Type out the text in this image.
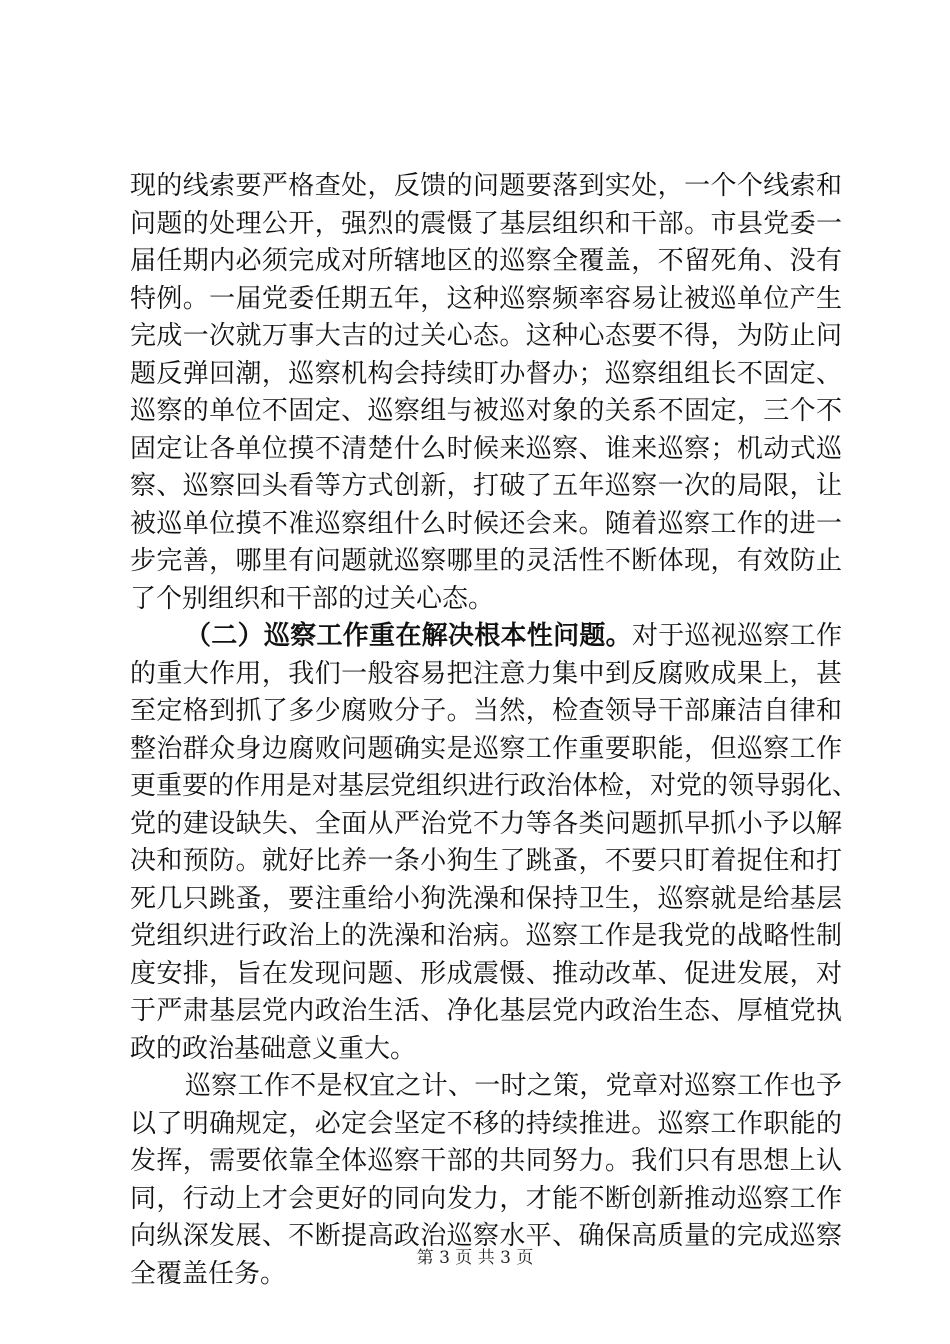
现的线索要严格查处，反馈的问题要落到实处，一个个线索和
问题的处理公开，强烈的震慑了基层组织和干部。市县党委一
届任期内必须完成对所辖地区的巡察全覆盖，不留死角、没有
特例。一届党委任期五年，这种巡察频率容易让被巡单位产生
完成一次就万事大吉的过关心态。这种心态要不得，为防止问
题反弹回潮，巡察机构会持续盯办督办；巡察组组长不固定、
巡察的单位不固定、巡察组与被巡对象的关系不固定，三个不
固定让各单位摸不清楚什么时候来巡察、谁来巡察；机动式巡
察、巡察回头看等方式创新，打破了五年巡察一次的局限，让
被巡单位摸不准巡察组什么时候还会来。随着巡察工作的进一
步完善，哪里有问题就巡察哪里的灵活性不断体现，有效防止
了个别组织和干部的过关心态。
（二）巡察工作重在解决根本性问题。对于巡视巡察工作
的重大作用，我们一般容易把注意力集中到反腐败成果上，甚
至定格到抓了多少腐败分子。当然，检查领导干部廉洁自律和
整治群众身边腐败问题确实是巡察工作重要职能，但巡察工作
更重要的作用是对基层党组织进行政治体检，对党的领导弱化、
党的建设缺失、全面从严治党不力等各类问题抓早抓小予以解
决和预防。就好比养一条小狗生了跳蚤，不要只盯着捉住和打
死几只跳蚤，要注重给小狗洗澡和保持卫生，巡察就是给基层
党组织进行政治上的洗澡和治病。巡察工作是我党的战略性制
度安排，旨在发现问题、形成震慑、推动改革、促进发展，对
于严肃基层党内政治生活、净化基层党内政治生态、厚植党执
政的政治基础意义重大。
巡察工作不是权宜之计、一时之策，党章对巡察工作也予
以了明确规定，必定会坚定不移的持续推进。巡察工作职能的
发挥，需要依靠全体巡察干部的共同努力。我们只有思想上认
同，行动上才会更好的同向发力，才能不断创新推动巡察工作
向纵深发展、不断提高政治巡察水平、确保高质量的完成巡察
全覆盖任务。
第 3 页 共 3 页
